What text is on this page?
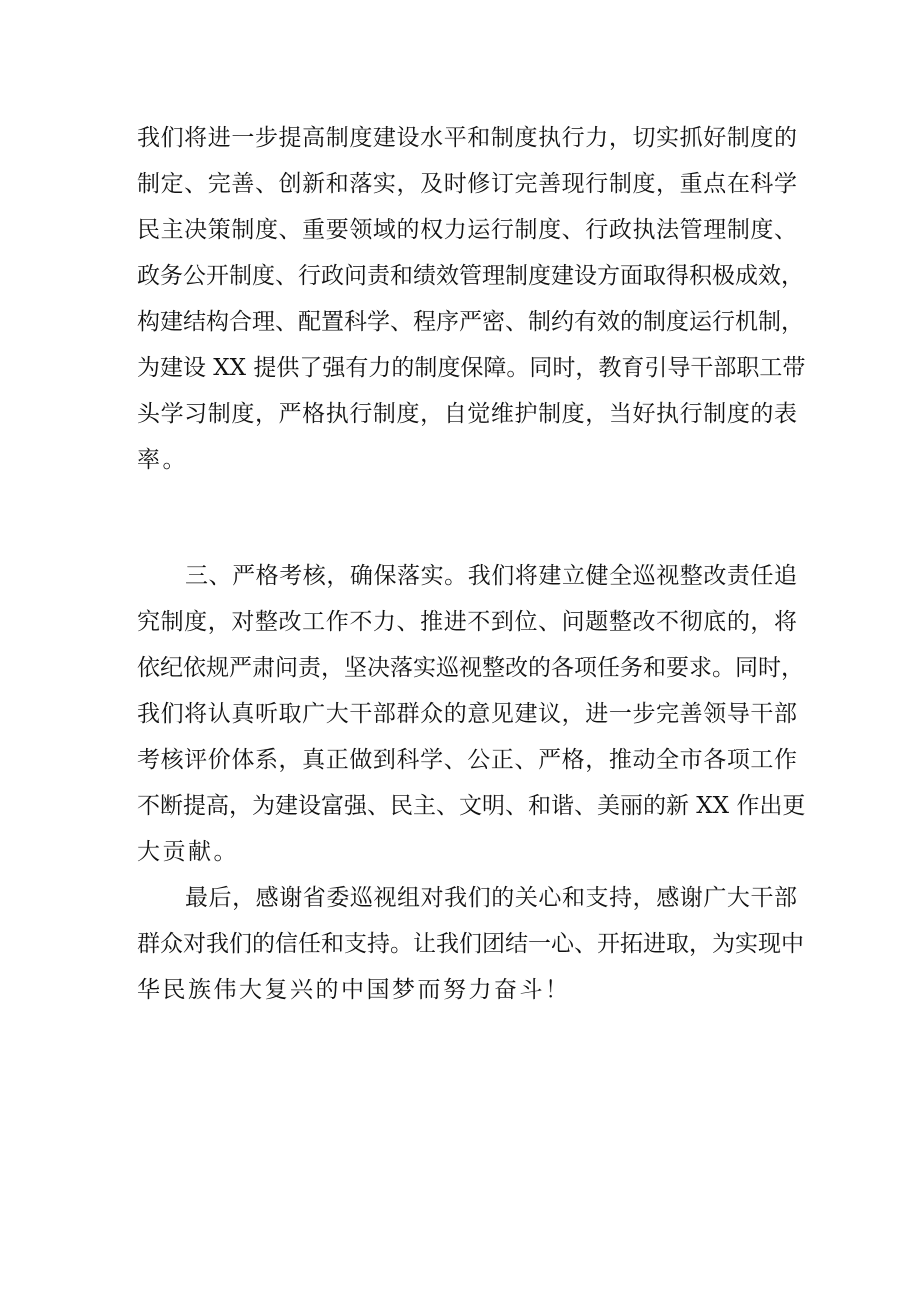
我们将进一步提高制度建设水平和制度执行力，切实抓好制度的
制定、完善、创新和落实，及时修订完善现行制度，重点在科学
民主决策制度、重要领域的权力运行制度、行政执法管理制度、
政务公开制度、行政问责和绩效管理制度建设方面取得积极成效，
构建结构合理、配置科学、程序严密、制约有效的制度运行机制，
为建设 XX 提供了强有力的制度保障。同时，教育引导干部职工带
头学习制度，严格执行制度，自觉维护制度，当好执行制度的表
率。
三、严格考核，确保落实。我们将建立健全巡视整改责任追
究制度，对整改工作不力、推进不到位、问题整改不彻底的，将
依纪依规严肃问责，坚决落实巡视整改的各项任务和要求。同时，
我们将认真听取广大干部群众的意见建议，进一步完善领导干部
考核评价体系，真正做到科学、公正、严格，推动全市各项工作
不断提高，为建设富强、民主、文明、和谐、美丽的新 XX 作出更
大贡献。
最后，感谢省委巡视组对我们的关心和支持，感谢广大干部
群众对我们的信任和支持。让我们团结一心、开拓进取，为实现中
华民族伟大复兴的中国梦而努力奋斗！
